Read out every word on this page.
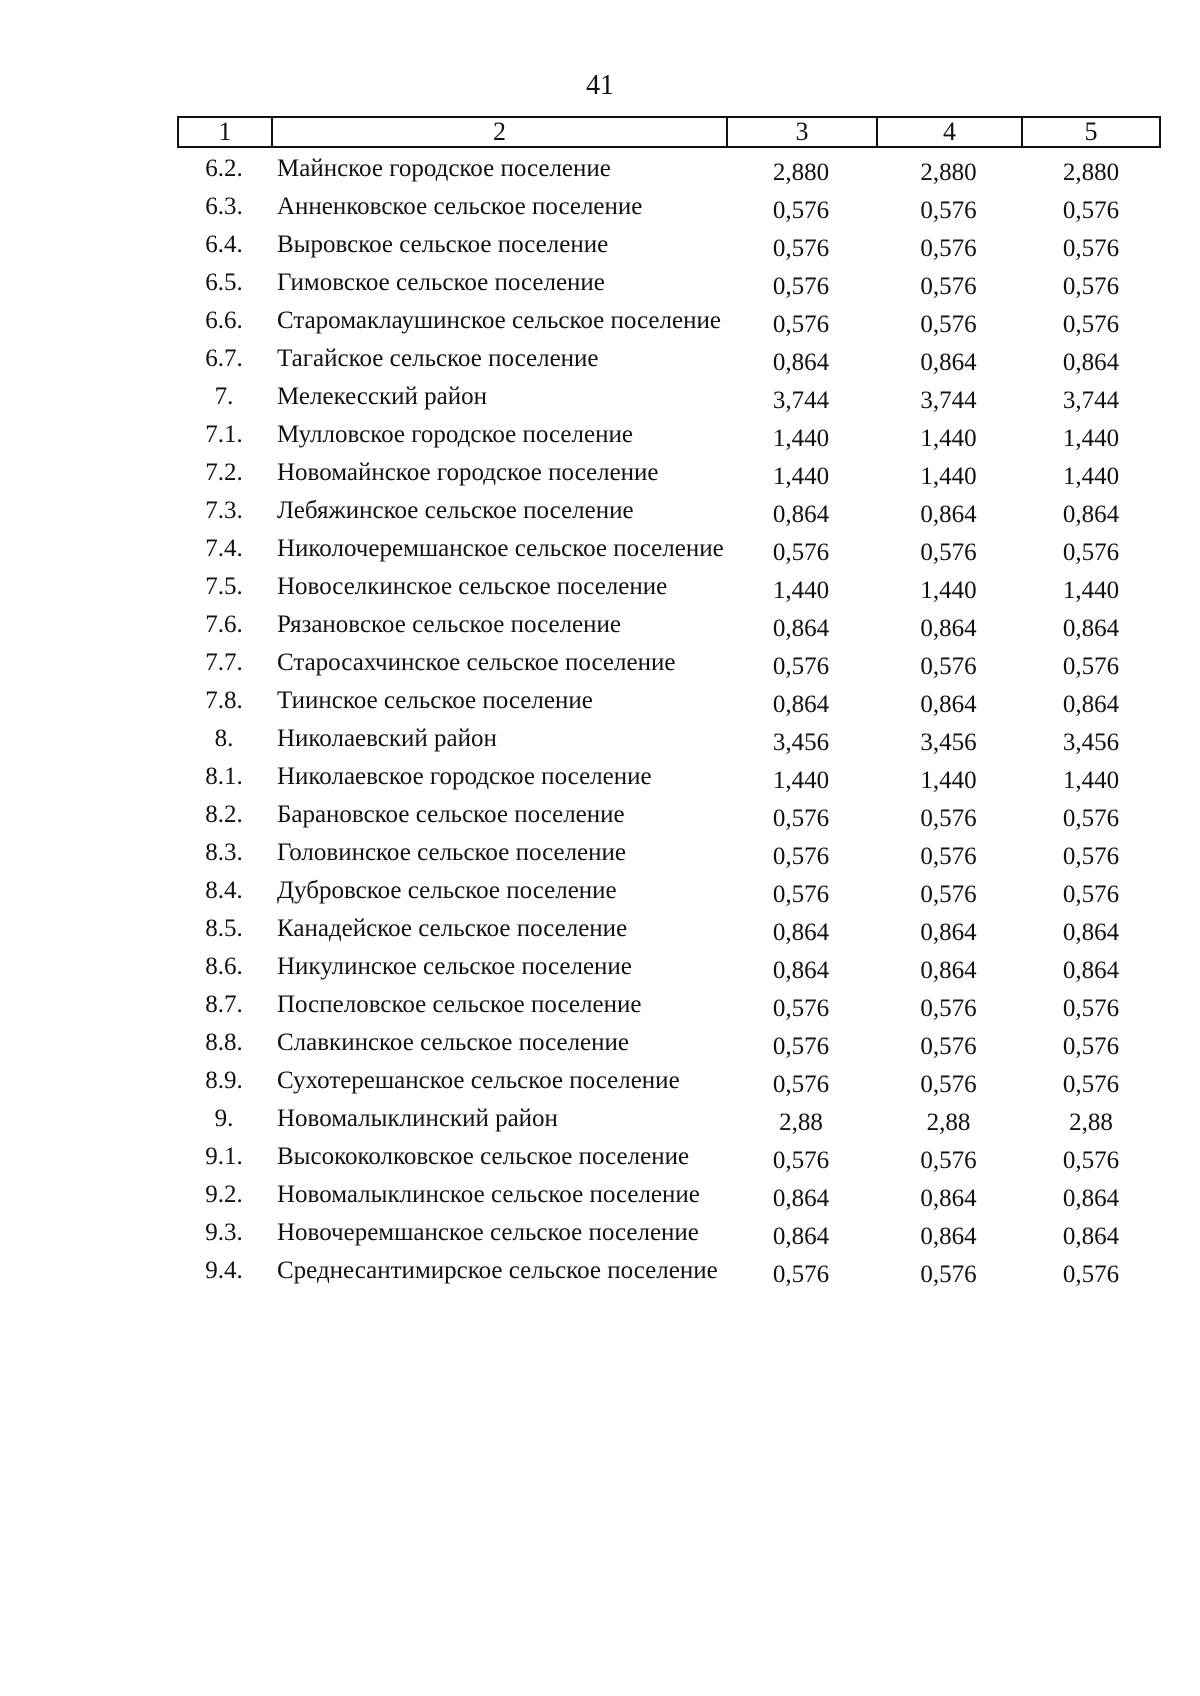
41
1	2	3	4	5
6.2.	Майнское городское поселение	2,880	2,880	2,880
6.3.	Анненковское сельское поселение	0,576	0,576	0,576
6.4.	Выровское сельское поселение	0,576	0,576	0,576
6.5.	Гимовское сельское поселение	0,576	0,576	0,576
6.6.	Старомаклаушинское сельское поселение 0,576	0,576	0,576
6.7.	Тагайское сельское поселение	0,864	0,864	0,864
7.	Мелекесский район	3,744	3,744	3,744
7.1.	Мулловское городское поселение	1,440	1,440	1,440
7.2.	Новомайнское городское поселение	1,440	1,440	1,440
7.3.	Лебяжинское сельское поселение	0,864	0,864	0,864
7.4.	Николочеремшанское сельское поселение 0,576	0,576	0,576
7.5.	Новоселкинское сельское поселение	1,440	1,440	1,440
7.6.	Рязановское сельское поселение	0,864	0,864	0,864
7.7.	Старосахчинское сельское поселение	0,576	0,576	0,576
7.8.	Тиинское сельское поселение	0,864	0,864	0,864
8.	Николаевский район	3,456	3,456	3,456
8.1.	Николаевское городское поселение	1,440	1,440	1,440
8.2.	Барановское сельское поселение	0,576	0,576	0,576
8.3.	Головинское сельское поселение	0,576	0,576	0,576
8.4.	Дубровское сельское поселение	0,576	0,576	0,576
8.5.	Канадейское сельское поселение	0,864	0,864	0,864
8.6.	Никулинское сельское поселение	0,864	0,864	0,864
8.7.	Поспеловское сельское поселение	0,576	0,576	0,576
8.8.	Славкинское сельское поселение	0,576	0,576	0,576
8.9.	Сухотерешанское сельское поселение	0,576	0,576	0,576
9.	Новомалыклинский район	2,88	2,88	2,88
9.1.	Высококолковское сельское поселение	0,576	0,576	0,576
9.2.	Новомалыклинское сельское поселение	0,864	0,864	0,864
9.3.	Новочеремшанское сельское поселение	0,864	0,864	0,864
9.4.	Среднесантимирское сельское поселение	0,576	0,576	0,576
